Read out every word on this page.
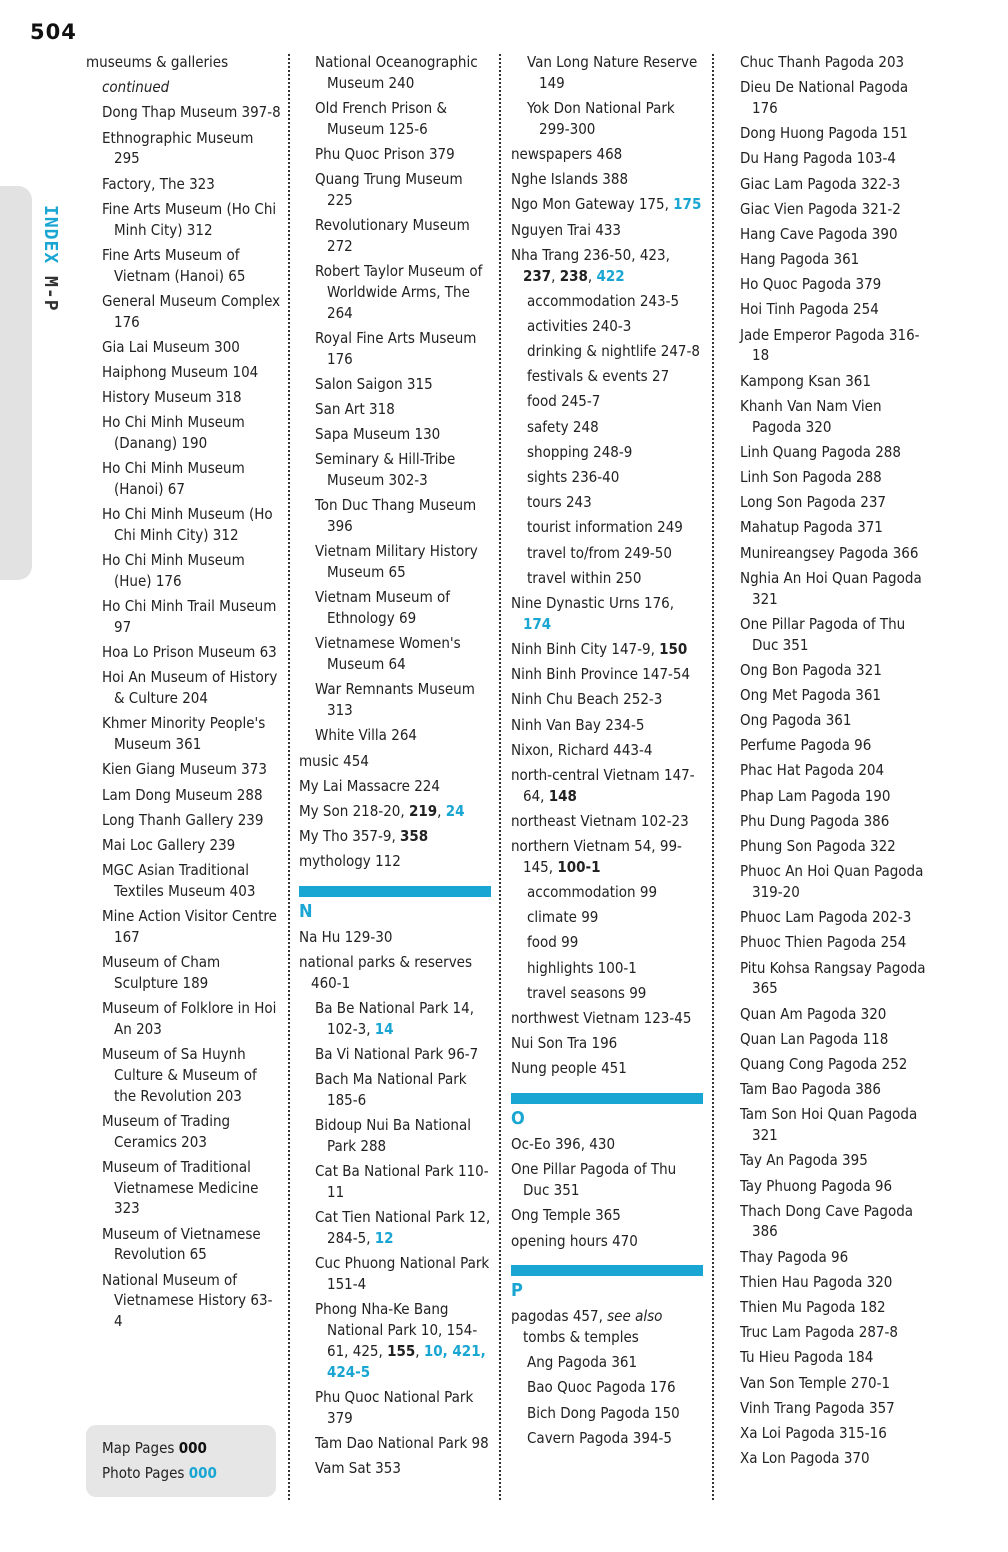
504
INDEX M-P
museums & galleries
continued
Dong Thap Museum 397-8
Ethnographic Museum 295
Factory, The 323
Fine Arts Museum (Ho Chi Minh City) 312
Fine Arts Museum of Vietnam (Hanoi) 65
General Museum Complex 176
Gia Lai Museum 300
Haiphong Museum 104
History Museum 318
Ho Chi Minh Museum (Danang) 190
Ho Chi Minh Museum (Hanoi) 67
Ho Chi Minh Museum (Ho Chi Minh City) 312
Ho Chi Minh Museum (Hue) 176
Ho Chi Minh Trail Museum 97
Hoa Lo Prison Museum 63
Hoi An Museum of History & Culture 204
Khmer Minority People's Museum 361
Kien Giang Museum 373
Lam Dong Museum 288
Long Thanh Gallery 239
Mai Loc Gallery 239
MGC Asian Traditional Textiles Museum 403
Mine Action Visitor Centre 167
Museum of Cham Sculpture 189
Museum of Folklore in Hoi An 203
Museum of Sa Huynh Culture & Museum of the Revolution 203
Museum of Trading Ceramics 203
Museum of Traditional Vietnamese Medicine 323
Museum of Vietnamese Revolution 65
National Museum of Vietnamese History 63-4
National Oceanographic Museum 240
Old French Prison & Museum 125-6
Phu Quoc Prison 379
Quang Trung Museum 225
Revolutionary Museum 272
Robert Taylor Museum of Worldwide Arms, The 264
Royal Fine Arts Museum 176
Salon Saigon 315
San Art 318
Sapa Museum 130
Seminary & Hill-Tribe Museum 302-3
Ton Duc Thang Museum 396
Vietnam Military History Museum 65
Vietnam Museum of Ethnology 69
Vietnamese Women's Museum 64
War Remnants Museum 313
White Villa 264
music 454
My Lai Massacre 224
My Son 218-20, 219, 24
My Tho 357-9, 358
mythology 112
N
Na Hu 129-30
national parks & reserves 460-1
Ba Be National Park 14, 102-3, 14
Ba Vi National Park 96-7
Bach Ma National Park 185-6
Bidoup Nui Ba National Park 288
Cat Ba National Park 110-11
Cat Tien National Park 12, 284-5, 12
Cuc Phuong National Park 151-4
Phong Nha-Ke Bang National Park 10, 154-61, 425, 155, 10, 421, 424-5
Phu Quoc National Park 379
Tam Dao National Park 98
Vam Sat 353
Van Long Nature Reserve 149
Yok Don National Park 299-300
newspapers 468
Nghe Islands 388
Ngo Mon Gateway 175, 175
Nguyen Trai 433
Nha Trang 236-50, 423, 237, 238, 422
accommodation 243-5
activities 240-3
drinking & nightlife 247-8
festivals & events 27
food 245-7
safety 248
shopping 248-9
sights 236-40
tours 243
tourist information 249
travel to/from 249-50
travel within 250
Nine Dynastic Urns 176, 174
Ninh Binh City 147-9, 150
Ninh Binh Province 147-54
Ninh Chu Beach 252-3
Ninh Van Bay 234-5
Nixon, Richard 443-4
north-central Vietnam 147-64, 148
northeast Vietnam 102-23
northern Vietnam 54, 99-145, 100-1
accommodation 99
climate 99
food 99
highlights 100-1
travel seasons 99
northwest Vietnam 123-45
Nui Son Tra 196
Nung people 451
O
Oc-Eo 396, 430
One Pillar Pagoda of Thu Duc 351
Ong Temple 365
opening hours 470
P
pagodas 457, see also tombs & temples
Ang Pagoda 361
Bao Quoc Pagoda 176
Bich Dong Pagoda 150
Cavern Pagoda 394-5
Chuc Thanh Pagoda 203
Dieu De National Pagoda 176
Dong Huong Pagoda 151
Du Hang Pagoda 103-4
Giac Lam Pagoda 322-3
Giac Vien Pagoda 321-2
Hang Cave Pagoda 390
Hang Pagoda 361
Ho Quoc Pagoda 379
Hoi Tinh Pagoda 254
Jade Emperor Pagoda 316-18
Kampong Ksan 361
Khanh Van Nam Vien Pagoda 320
Linh Quang Pagoda 288
Linh Son Pagoda 288
Long Son Pagoda 237
Mahatup Pagoda 371
Munireangsey Pagoda 366
Nghia An Hoi Quan Pagoda 321
One Pillar Pagoda of Thu Duc 351
Ong Bon Pagoda 321
Ong Met Pagoda 361
Ong Pagoda 361
Perfume Pagoda 96
Phac Hat Pagoda 204
Phap Lam Pagoda 190
Phu Dung Pagoda 386
Phung Son Pagoda 322
Phuoc An Hoi Quan Pagoda 319-20
Phuoc Lam Pagoda 202-3
Phuoc Thien Pagoda 254
Pitu Kohsa Rangsay Pagoda 365
Quan Am Pagoda 320
Quan Lan Pagoda 118
Quang Cong Pagoda 252
Tam Bao Pagoda 386
Tam Son Hoi Quan Pagoda 321
Tay An Pagoda 395
Tay Phuong Pagoda 96
Thach Dong Cave Pagoda 386
Thay Pagoda 96
Thien Hau Pagoda 320
Thien Mu Pagoda 182
Truc Lam Pagoda 287-8
Tu Hieu Pagoda 184
Van Son Temple 270-1
Vinh Trang Pagoda 357
Xa Loi Pagoda 315-16
Xa Lon Pagoda 370
Map Pages 000
Photo Pages 000
